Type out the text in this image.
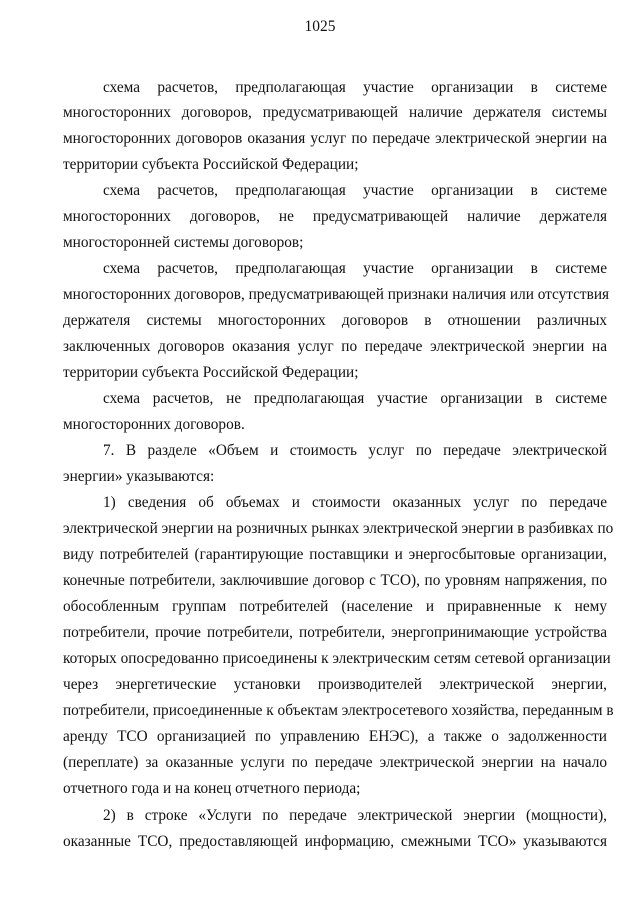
1025
схема расчетов, предполагающая участие организации в системе
многосторонних договоров, предусматривающей наличие держателя системы
многосторонних договоров оказания услуг по передаче электрической энергии на
территории субъекта Российской Федерации;
схема расчетов, предполагающая участие организации в системе
многосторонних договоров, не предусматривающей наличие держателя
многосторонней системы договоров;
схема расчетов, предполагающая участие организации в системе
многосторонних договоров, предусматривающей признаки наличия или отсутствия
держателя системы многосторонних договоров в отношении различных
заключенных договоров оказания услуг по передаче электрической энергии на
территории субъекта Российской Федерации;
схема расчетов, не предполагающая участие организации в системе
многосторонних договоров.
7. В разделе «Объем и стоимость услуг по передаче электрической
энергии» указываются:
1) сведения об объемах и стоимости оказанных услуг по передаче
электрической энергии на розничных рынках электрической энергии в разбивках по
виду потребителей (гарантирующие поставщики и энергосбытовые организации,
конечные потребители, заключившие договор с ТСО), по уровням напряжения, по
обособленным группам потребителей (население и приравненные к нему
потребители, прочие потребители, потребители, энергопринимающие устройства
которых опосредованно присоединены к электрическим сетям сетевой организации
через энергетические установки производителей электрической энергии,
потребители, присоединенные к объектам электросетевого хозяйства, переданным в
аренду ТСО организацией по управлению ЕНЭС), а также о задолженности
(переплате) за оказанные услуги по передаче электрической энергии на начало
отчетного года и на конец отчетного периода;
2) в строке «Услуги по передаче электрической энергии (мощности),
оказанные ТСО, предоставляющей информацию, смежными ТСО» указываются
